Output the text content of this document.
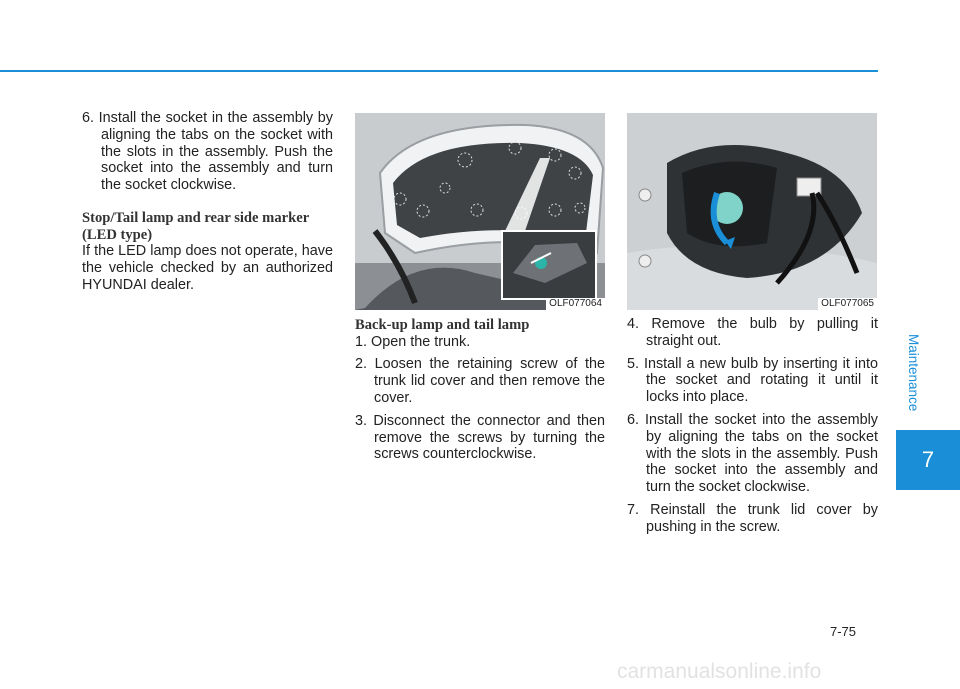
6. Install the socket in the assembly by aligning the tabs on the socket with the slots in the assembly. Push the socket into the assembly and turn the socket clockwise.

Stop/Tail lamp and rear side marker (LED type)

If the LED lamp does not operate, have the vehicle checked by an authorized HYUNDAI dealer.

OLF077064	OLF077065

Back-up lamp and tail lamp

1. Open the trunk.

2. Loosen the retaining screw of the trunk lid cover and then remove the cover.

3. Disconnect the connector and then remove the screws by turning the screws counterclockwise.

4. Remove the bulb by pulling it straight out.

5. Install a new bulb by inserting it into the socket and rotating it until it locks into place.

6. Install the socket into the assembly by aligning the tabs on the socket with the slots in the assembly. Push the socket into the assembly and turn the socket clockwise.

7. Reinstall the trunk lid cover by pushing in the screw.

Maintenance
7
7-75
carmanualsonline.info
